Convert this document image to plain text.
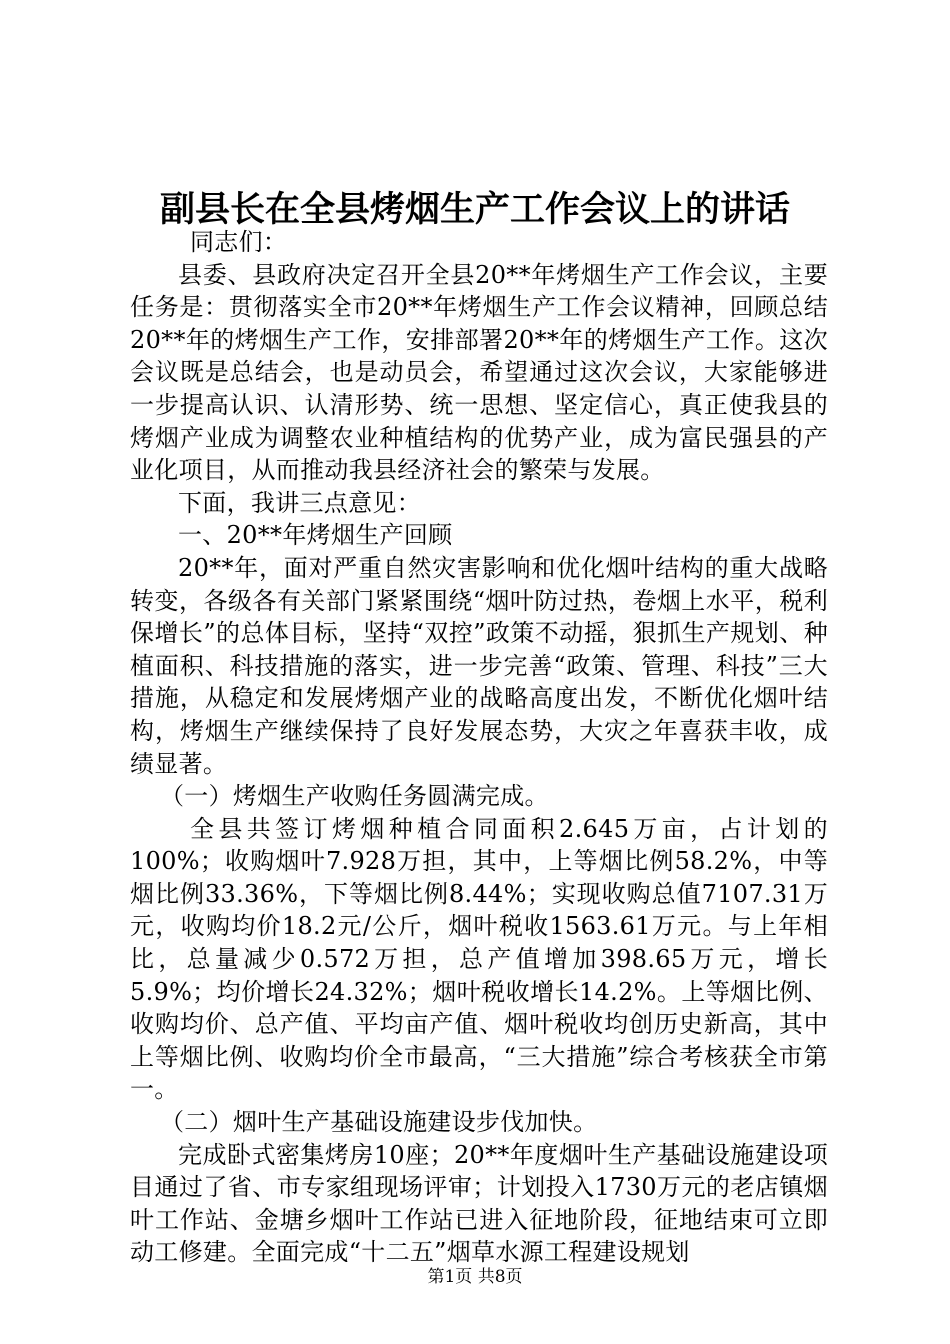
副县长在全县烤烟生产工作会议上的讲话

同志们：

县委、县政府决定召开全县20**年烤烟生产工作会议，主要任务是：贯彻落实全市20**年烤烟生产工作会议精神，回顾总结20**年的烤烟生产工作，安排部署20**年的烤烟生产工作。这次会议既是总结会，也是动员会，希望通过这次会议，大家能够进一步提高认识、认清形势、统一思想、坚定信心，真正使我县的烤烟产业成为调整农业种植结构的优势产业，成为富民强县的产业化项目，从而推动我县经济社会的繁荣与发展。

下面，我讲三点意见：

一、20**年烤烟生产回顾

20**年，面对严重自然灾害影响和优化烟叶结构的重大战略转变，各级各有关部门紧紧围绕“烟叶防过热，卷烟上水平，税利保增长”的总体目标，坚持“双控”政策不动摇，狠抓生产规划、种植面积、科技措施的落实，进一步完善“政策、管理、科技”三大措施，从稳定和发展烤烟产业的战略高度出发，不断优化烟叶结构，烤烟生产继续保持了良好发展态势，大灾之年喜获丰收，成绩显著。

（一）烤烟生产收购任务圆满完成。

全县共签订烤烟种植合同面积2.645万亩，占计划的100%；收购烟叶7.928万担，其中，上等烟比例58.2%，中等烟比例33.36%，下等烟比例8.44%；实现收购总值7107.31万元，收购均价18.2元/公斤，烟叶税收1563.61万元。与上年相比，总量减少0.572万担，总产值增加398.65万元，增长5.9%；均价增长24.32%；烟叶税收增长14.2%。上等烟比例、收购均价、总产值、平均亩产值、烟叶税收均创历史新高，其中上等烟比例、收购均价全市最高，“三大措施”综合考核获全市第一。

（二）烟叶生产基础设施建设步伐加快。

完成卧式密集烤房10座；20**年度烟叶生产基础设施建设项目通过了省、市专家组现场评审；计划投入1730万元的老店镇烟叶工作站、金塘乡烟叶工作站已进入征地阶段，征地结束可立即动工修建。全面完成“十二五”烟草水源工程建设规划

第1页 共8页
